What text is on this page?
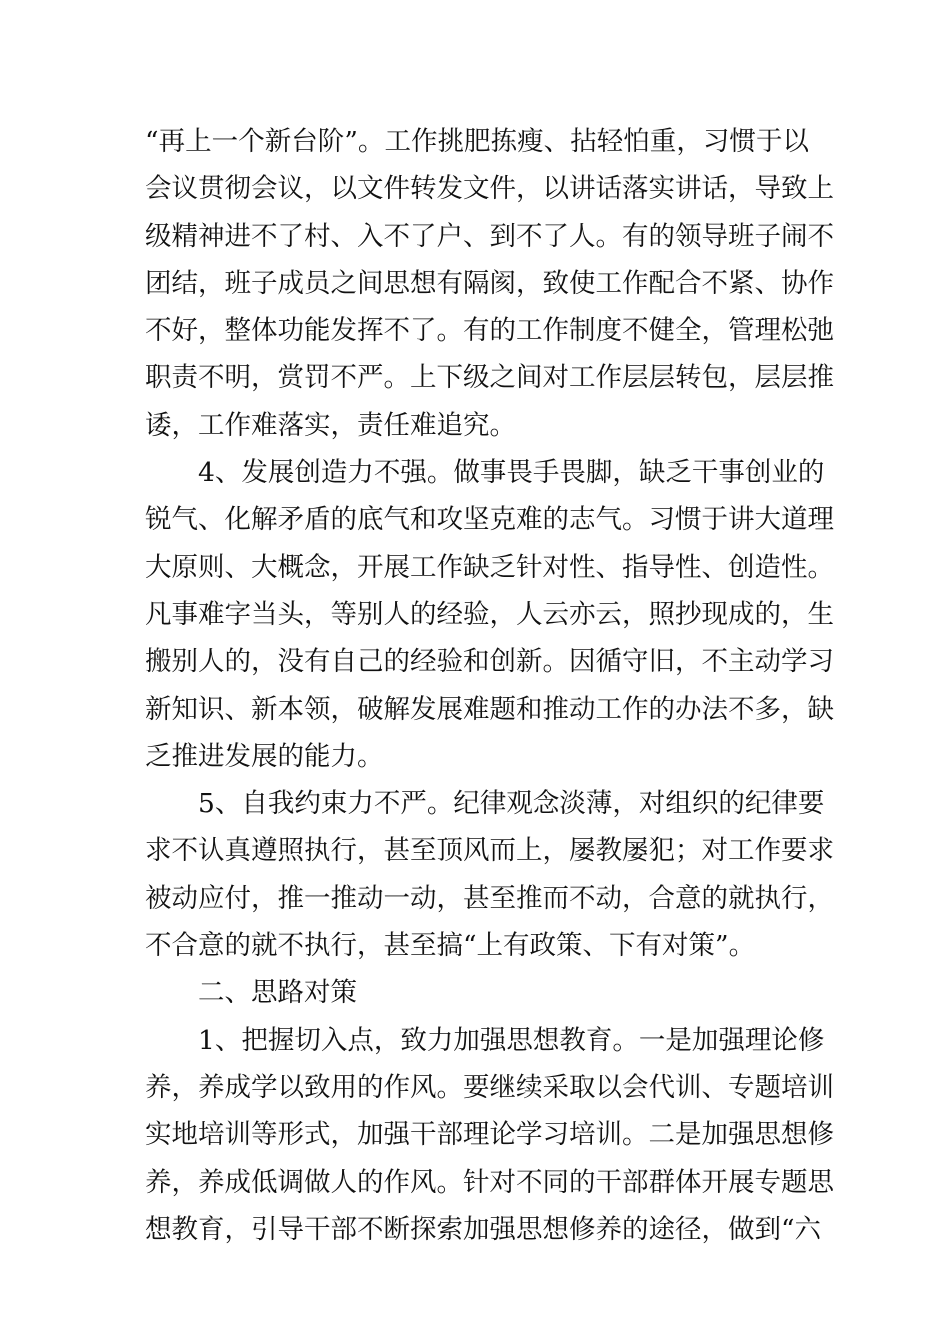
“再上一个新台阶”。工作挑肥拣瘦、拈轻怕重，习惯于以
会议贯彻会议，以文件转发文件，以讲话落实讲话，导致上
级精神进不了村、入不了户、到不了人。有的领导班子闹不
团结，班子成员之间思想有隔阂，致使工作配合不紧、协作
不好，整体功能发挥不了。有的工作制度不健全，管理松弛
职责不明，赏罚不严。上下级之间对工作层层转包，层层推
诿，工作难落实，责任难追究。
4、发展创造力不强。做事畏手畏脚，缺乏干事创业的
锐气、化解矛盾的底气和攻坚克难的志气。习惯于讲大道理
大原则、大概念，开展工作缺乏针对性、指导性、创造性。
凡事难字当头，等别人的经验，人云亦云，照抄现成的，生
搬别人的，没有自己的经验和创新。因循守旧，不主动学习
新知识、新本领，破解发展难题和推动工作的办法不多，缺
乏推进发展的能力。
5、自我约束力不严。纪律观念淡薄，对组织的纪律要
求不认真遵照执行，甚至顶风而上，屡教屡犯；对工作要求
被动应付，推一推动一动，甚至推而不动，合意的就执行，
不合意的就不执行，甚至搞“上有政策、下有对策”。
二、思路对策
1、把握切入点，致力加强思想教育。一是加强理论修
养，养成学以致用的作风。要继续采取以会代训、专题培训
实地培训等形式，加强干部理论学习培训。二是加强思想修
养，养成低调做人的作风。针对不同的干部群体开展专题思
想教育，引导干部不断探索加强思想修养的途径，做到“六
